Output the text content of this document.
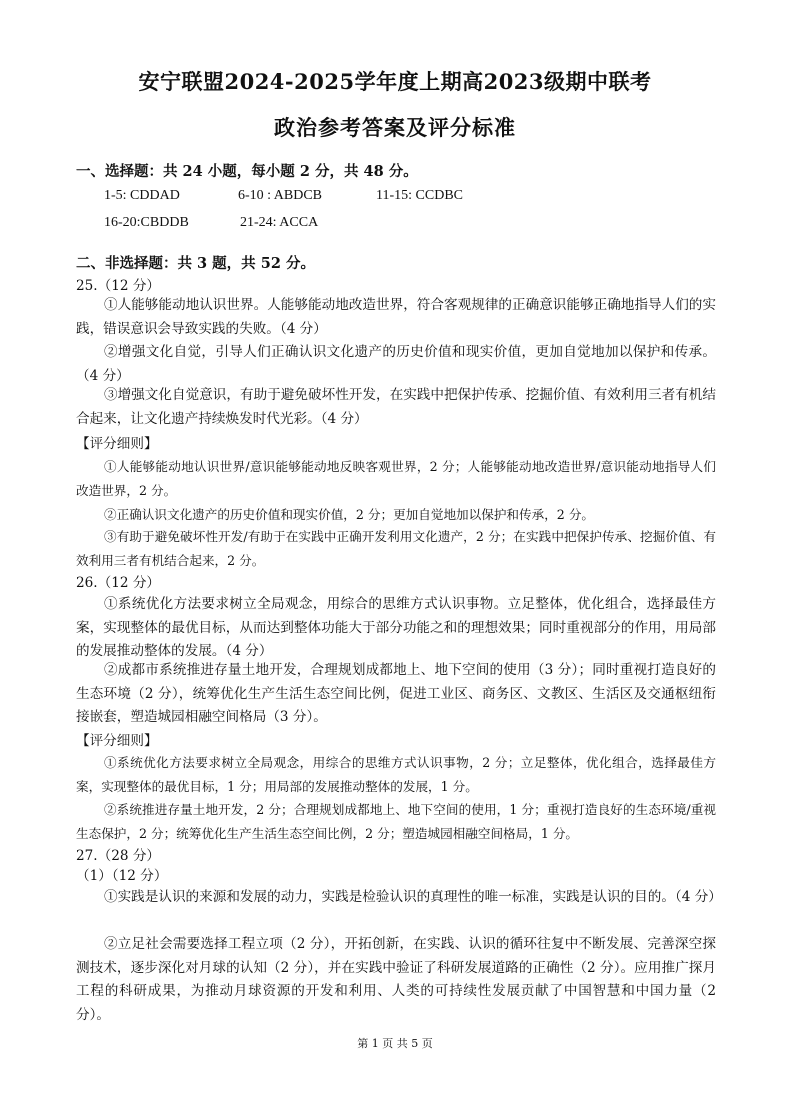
安宁联盟2024-2025学年度上期高2023级期中联考
政治参考答案及评分标准
一、选择题：共 24 小题，每小题 2 分，共 48 分。
1-5: CDDAD	6-10 : ABDCB	11-15: CCDBC
16-20:CBDDB	21-24: ACCA
二、非选择题：共 3 题，共 52 分。
25.（12 分）
①人能够能动地认识世界。人能够能动地改造世界，符合客观规律的正确意识能够正确地指导人们的实践，错误意识会导致实践的失败。（4 分）
②增强文化自觉，引导人们正确认识文化遗产的历史价值和现实价值，更加自觉地加以保护和传承。（4 分）
③增强文化自觉意识，有助于避免破坏性开发，在实践中把保护传承、挖掘价值、有效利用三者有机结合起来，让文化遗产持续焕发时代光彩。（4 分）
【评分细则】
①人能够能动地认识世界/意识能够能动地反映客观世界，2 分；人能够能动地改造世界/意识能动地指导人们改造世界，2 分。
②正确认识文化遗产的历史价值和现实价值，2 分；更加自觉地加以保护和传承，2 分。
③有助于避免破坏性开发/有助于在实践中正确开发利用文化遗产，2 分；在实践中把保护传承、挖掘价值、有效利用三者有机结合起来，2 分。
26.（12 分）
①系统优化方法要求树立全局观念，用综合的思维方式认识事物。立足整体，优化组合，选择最佳方案，实现整体的最优目标，从而达到整体功能大于部分功能之和的理想效果；同时重视部分的作用，用局部的发展推动整体的发展。（4 分）
②成都市系统推进存量土地开发，合理规划成都地上、地下空间的使用（3 分）；同时重视打造良好的生态环境（2 分），统筹优化生产生活生态空间比例，促进工业区、商务区、文教区、生活区及交通枢纽衔接嵌套，塑造城园相融空间格局（3 分）。
【评分细则】
①系统优化方法要求树立全局观念，用综合的思维方式认识事物，2 分；立足整体，优化组合，选择最佳方案，实现整体的最优目标，1 分；用局部的发展推动整体的发展，1 分。
②系统推进存量土地开发，2 分；合理规划成都地上、地下空间的使用，1 分；重视打造良好的生态环境/重视生态保护，2 分；统筹优化生产生活生态空间比例，2 分；塑造城园相融空间格局，1 分。
27.（28 分）
（1）（12 分）
①实践是认识的来源和发展的动力，实践是检验认识的真理性的唯一标准，实践是认识的目的。（4 分）
②立足社会需要选择工程立项（2 分），开拓创新，在实践、认识的循环往复中不断发展、完善深空探测技术，逐步深化对月球的认知（2 分），并在实践中验证了科研发展道路的正确性（2 分）。应用推广探月工程的科研成果，为推动月球资源的开发和利用、人类的可持续性发展贡献了中国智慧和中国力量（2 分）。
第 1 页 共 5 页
